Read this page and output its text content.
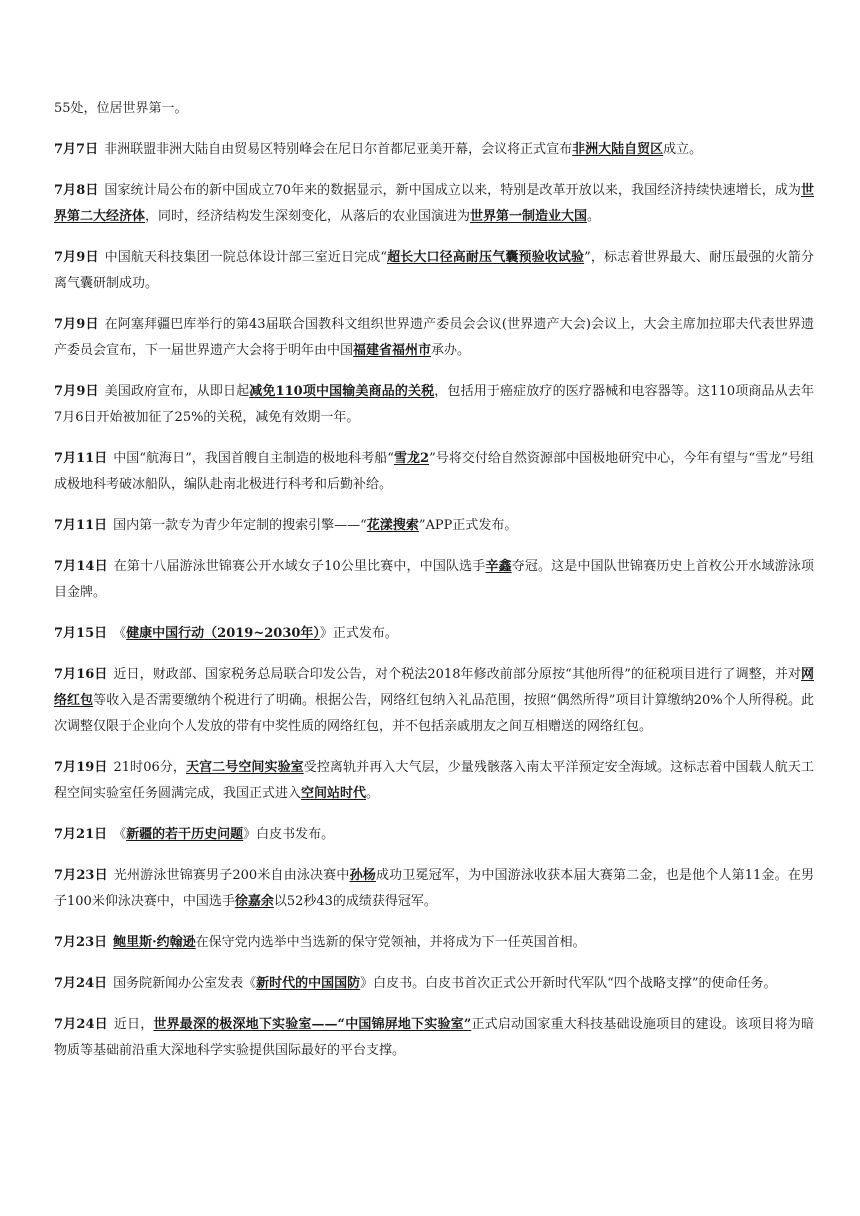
55处，位居世界第一。

7月7日 非洲联盟非洲大陆自由贸易区特别峰会在尼日尔首都尼亚美开幕，会议将正式宣布非洲大陆自贸区成立。

7月8日 国家统计局公布的新中国成立70年来的数据显示，新中国成立以来，特别是改革开放以来，我国经济持续快速增长，成为世界第二大经济体，同时，经济结构发生深刻变化，从落后的农业国演进为世界第一制造业大国。

7月9日 中国航天科技集团一院总体设计部三室近日完成“超长大口径高耐压气囊预验收试验”，标志着世界最大、耐压最强的火箭分离气囊研制成功。

7月9日 在阿塞拜疆巴库举行的第43届联合国教科文组织世界遗产委员会会议(世界遗产大会)会议上，大会主席加拉耶夫代表世界遗产委员会宣布，下一届世界遗产大会将于明年由中国福建省福州市承办。

7月9日 美国政府宣布，从即日起减免110项中国输美商品的关税，包括用于癌症放疗的医疗器械和电容器等。这110项商品从去年7月6日开始被加征了25%的关税，减免有效期一年。

7月11日 中国“航海日”，我国首艘自主制造的极地科考船“雪龙2”号将交付给自然资源部中国极地研究中心，今年有望与“雪龙”号组成极地科考破冰船队，编队赴南北极进行科考和后勤补给。

7月11日 国内第一款专为青少年定制的搜索引擎——“花漾搜索”APP正式发布。

7月14日 在第十八届游泳世锦赛公开水域女子10公里比赛中，中国队选手辛鑫夺冠。这是中国队世锦赛历史上首枚公开水域游泳项目金牌。

7月15日 《健康中国行动（2019~2030年）》正式发布。

7月16日 近日，财政部、国家税务总局联合印发公告，对个税法2018年修改前部分原按“其他所得”的征税项目进行了调整，并对网络红包等收入是否需要缴纳个税进行了明确。根据公告，网络红包纳入礼品范围，按照“偶然所得”项目计算缴纳20%个人所得税。此次调整仅限于企业向个人发放的带有中奖性质的网络红包，并不包括亲戚朋友之间互相赠送的网络红包。

7月19日 21时06分，天宫二号空间实验室受控离轨并再入大气层，少量残骸落入南太平洋预定安全海域。这标志着中国载人航天工程空间实验室任务圆满完成，我国正式进入空间站时代。

7月21日 《新疆的若干历史问题》白皮书发布。

7月23日 光州游泳世锦赛男子200米自由泳决赛中孙杨成功卫冕冠军，为中国游泳收获本届大赛第二金，也是他个人第11金。在男子100米仰泳决赛中，中国选手徐嘉余以52秒43的成绩获得冠军。

7月23日 鲍里斯·约翰逊在保守党内选举中当选新的保守党领袖，并将成为下一任英国首相。

7月24日 国务院新闻办公室发表《新时代的中国国防》白皮书。白皮书首次正式公开新时代军队“四个战略支撑”的使命任务。

7月24日 近日，世界最深的极深地下实验室——“中国锦屏地下实验室”正式启动国家重大科技基础设施项目的建设。该项目将为暗物质等基础前沿重大深地科学实验提供国际最好的平台支撑。
